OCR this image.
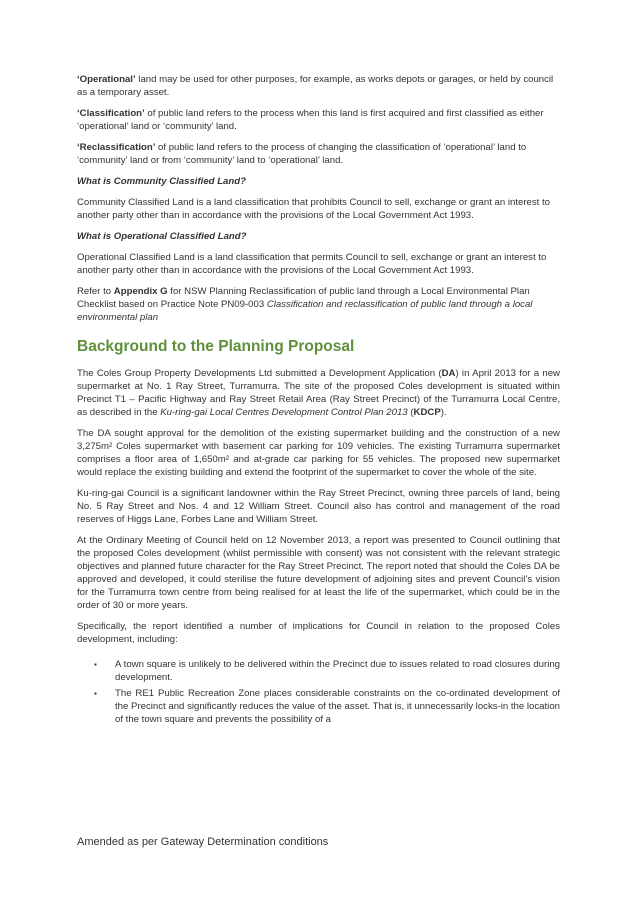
‘Operational’ land may be used for other purposes, for example, as works depots or garages, or held by council as a temporary asset.

‘Classification’ of public land refers to the process when this land is first acquired and first classified as either ‘operational’ land or ‘community’ land.

‘Reclassification’ of public land refers to the process of changing the classification of ‘operational’ land to ‘community’ land or from ‘community’ land to ‘operational’ land.

What is Community Classified Land?

Community Classified Land is a land classification that prohibits Council to sell, exchange or grant an interest to another party other than in accordance with the provisions of the Local Government Act 1993.

What is Operational Classified Land?

Operational Classified Land is a land classification that permits Council to sell, exchange or grant an interest to another party other than in accordance with the provisions of the Local Government Act 1993.

Refer to Appendix G for NSW Planning Reclassification of public land through a Local Environmental Plan Checklist based on Practice Note PN09-003 Classification and reclassification of public land through a local environmental plan

Background to the Planning Proposal

The Coles Group Property Developments Ltd submitted a Development Application (DA) in April 2013 for a new supermarket at No. 1 Ray Street, Turramurra. The site of the proposed Coles development is situated within Precinct T1 – Pacific Highway and Ray Street Retail Area (Ray Street Precinct) of the Turramurra Local Centre, as described in the Ku-ring-gai Local Centres Development Control Plan 2013 (KDCP).

The DA sought approval for the demolition of the existing supermarket building and the construction of a new 3,275m² Coles supermarket with basement car parking for 109 vehicles. The existing Turramurra supermarket comprises a floor area of 1,650m² and at-grade car parking for 55 vehicles. The proposed new supermarket would replace the existing building and extend the footprint of the supermarket to cover the whole of the site.

Ku-ring-gai Council is a significant landowner within the Ray Street Precinct, owning three parcels of land, being No. 5 Ray Street and Nos. 4 and 12 William Street. Council also has control and management of the road reserves of Higgs Lane, Forbes Lane and William Street.

At the Ordinary Meeting of Council held on 12 November 2013, a report was presented to Council outlining that the proposed Coles development (whilst permissible with consent) was not consistent with the relevant strategic objectives and planned future character for the Ray Street Precinct. The report noted that should the Coles DA be approved and developed, it could sterilise the future development of adjoining sites and prevent Council’s vision for the Turramurra town centre from being realised for at least the life of the supermarket, which could be in the order of 30 or more years.

Specifically, the report identified a number of implications for Council in relation to the proposed Coles development, including:

▪ A town square is unlikely to be delivered within the Precinct due to issues related to road closures during development.
▪ The RE1 Public Recreation Zone places considerable constraints on the co-ordinated development of the Precinct and significantly reduces the value of the asset. That is, it unnecessarily locks-in the location of the town square and prevents the possibility of a
Amended as per Gateway Determination conditions
